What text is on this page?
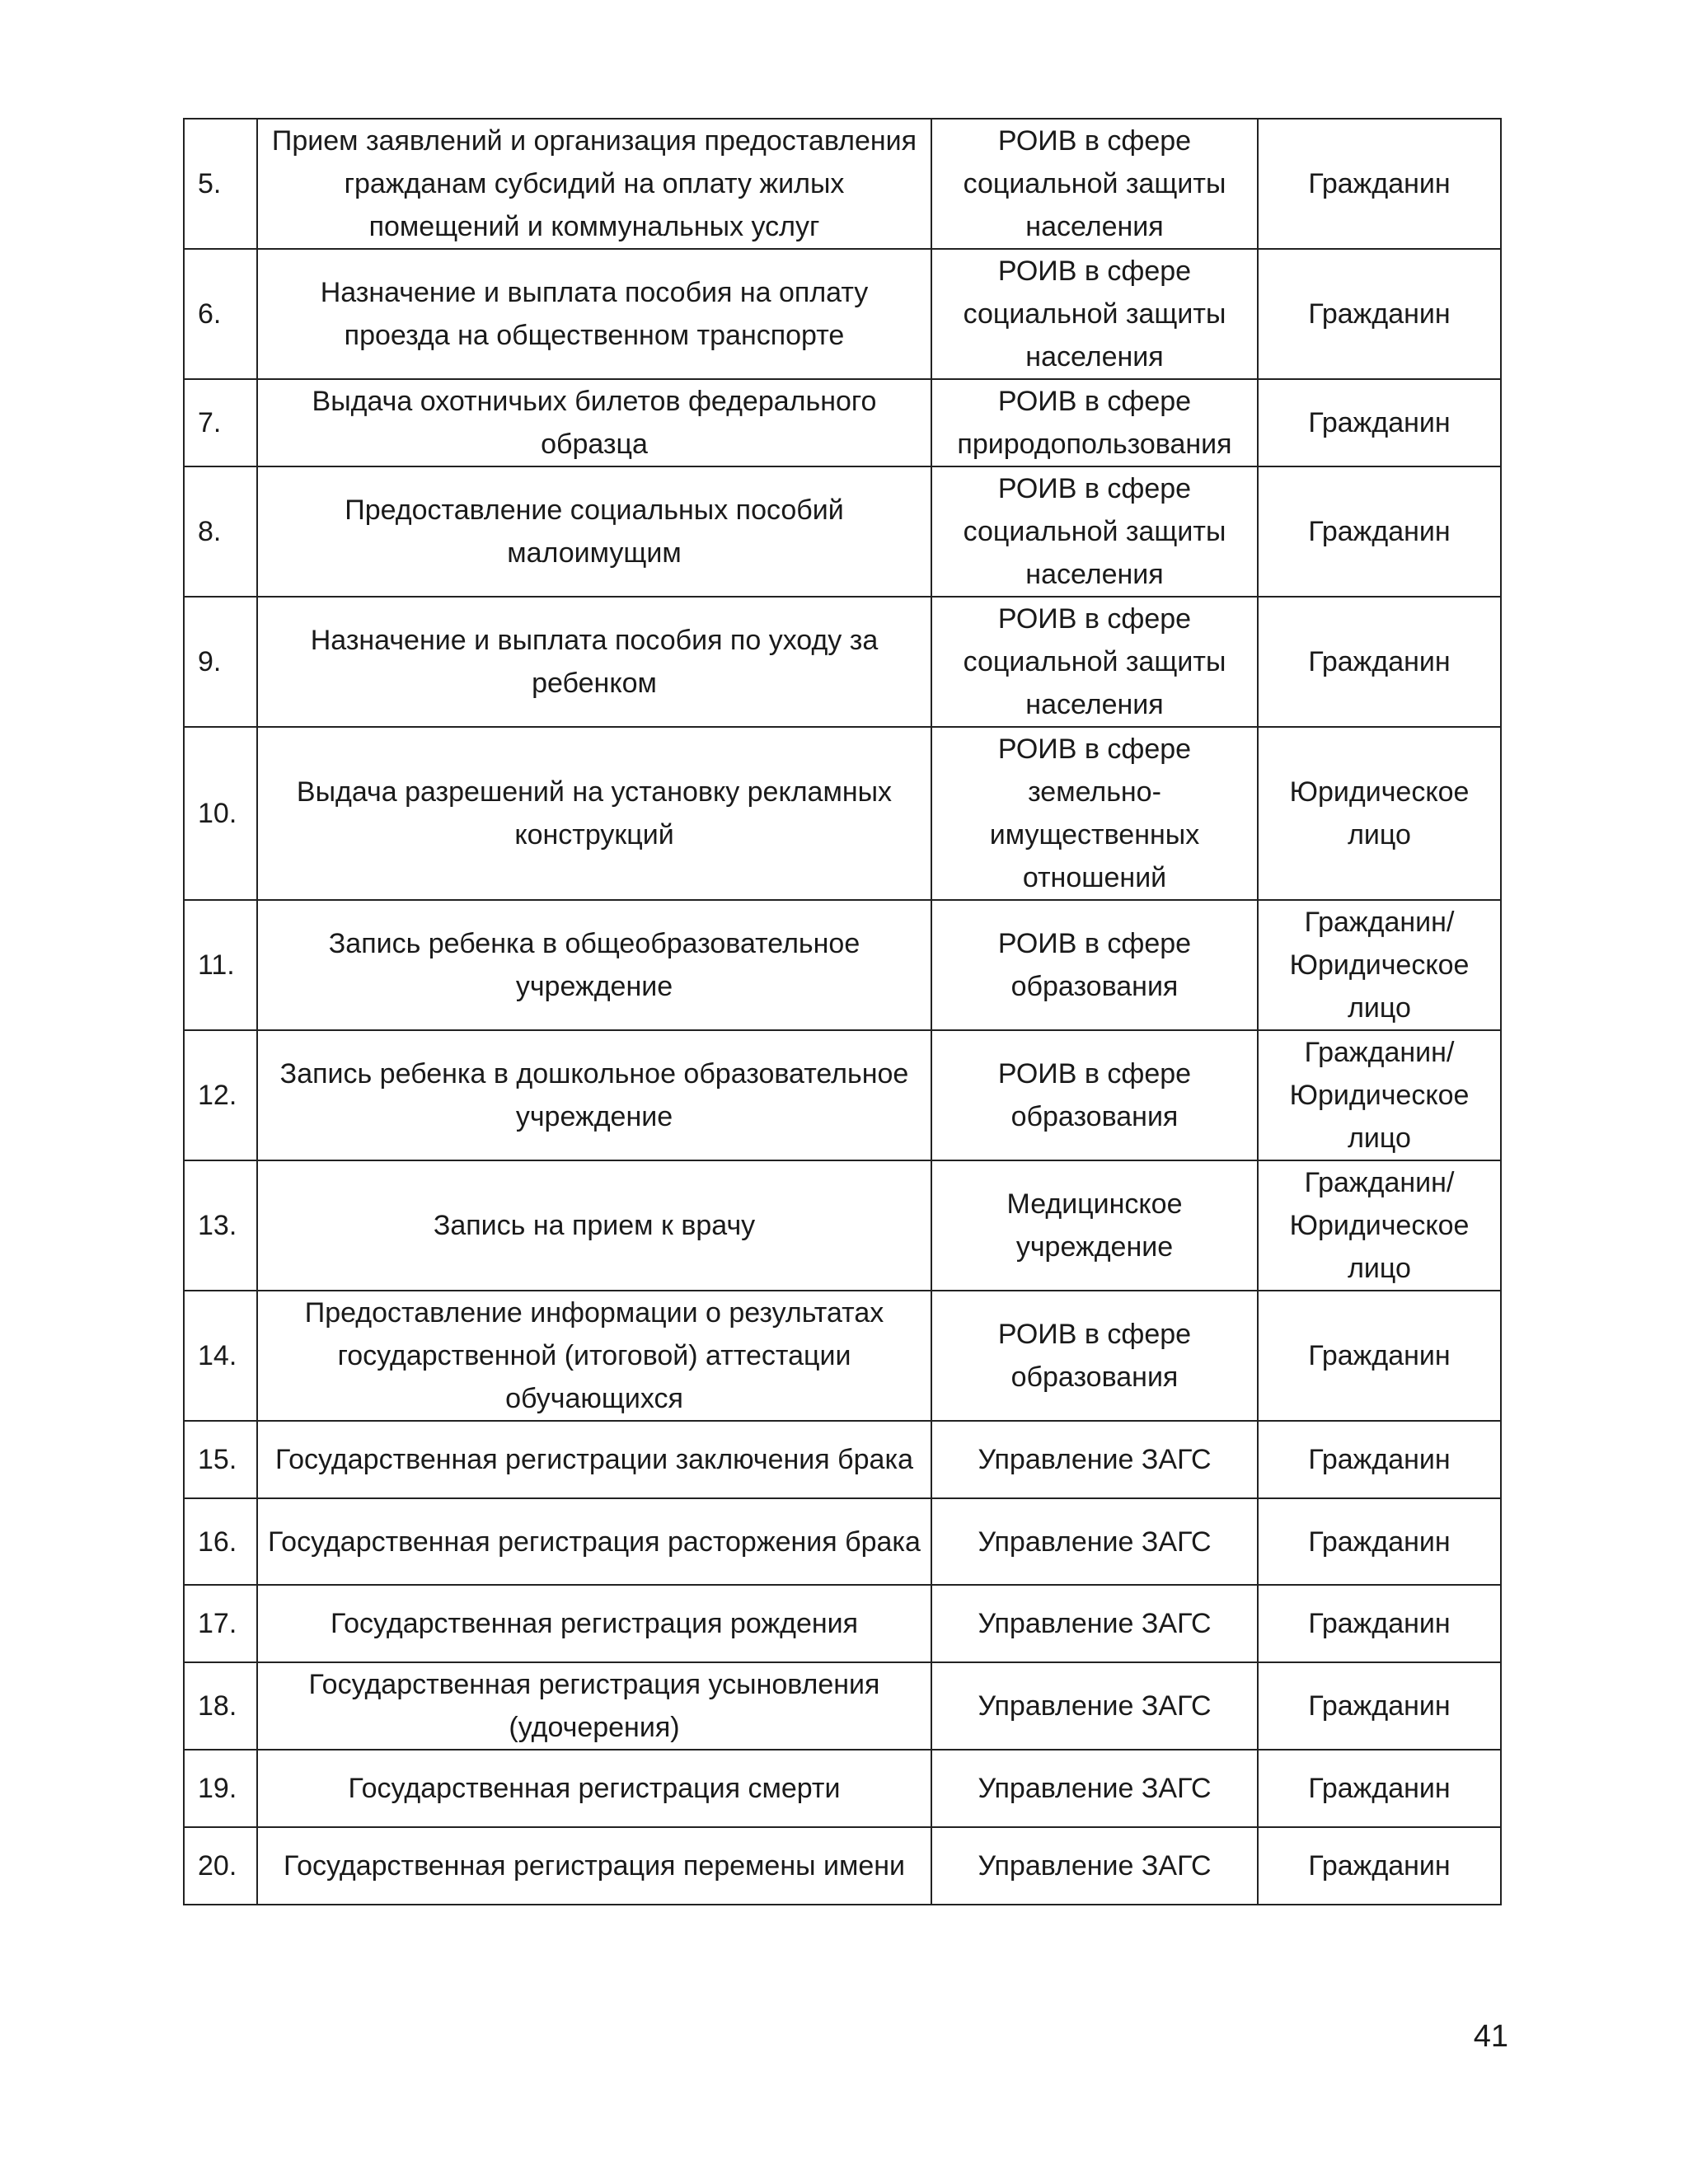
5.	Прием заявлений и организация предоставления гражданам субсидий на оплату жилых помещений и коммунальных услуг	РОИВ в сфере социальной защиты населения	Гражданин
6.	Назначение и выплата пособия на оплату проезда на общественном транспорте	РОИВ в сфере социальной защиты населения	Гражданин
7.	Выдача охотничьих билетов федерального образца	РОИВ в сфере природопользования	Гражданин
8.	Предоставление социальных пособий малоимущим	РОИВ в сфере социальной защиты населения	Гражданин
9.	Назначение и выплата пособия по уходу за ребенком	РОИВ в сфере социальной защиты населения	Гражданин
10.	Выдача разрешений на установку рекламных конструкций	РОИВ в сфере земельно-имущественных отношений	Юридическое лицо
11.	Запись ребенка в общеобразовательное учреждение	РОИВ в сфере образования	Гражданин/ Юридическое лицо
12.	Запись ребенка в дошкольное образовательное учреждение	РОИВ в сфере образования	Гражданин/ Юридическое лицо
13.	Запись на прием к врачу	Медицинское учреждение	Гражданин/ Юридическое лицо
14.	Предоставление информации о результатах государственной (итоговой) аттестации обучающихся	РОИВ в сфере образования	Гражданин
15.	Государственная регистрации заключения брака	Управление ЗАГС	Гражданин
16.	Государственная регистрация расторжения брака	Управление ЗАГС	Гражданин
17.	Государственная регистрация рождения	Управление ЗАГС	Гражданин
18.	Государственная регистрация усыновления (удочерения)	Управление ЗАГС	Гражданин
19.	Государственная регистрация смерти	Управление ЗАГС	Гражданин
20.	Государственная регистрация перемены имени	Управление ЗАГС	Гражданин
41
